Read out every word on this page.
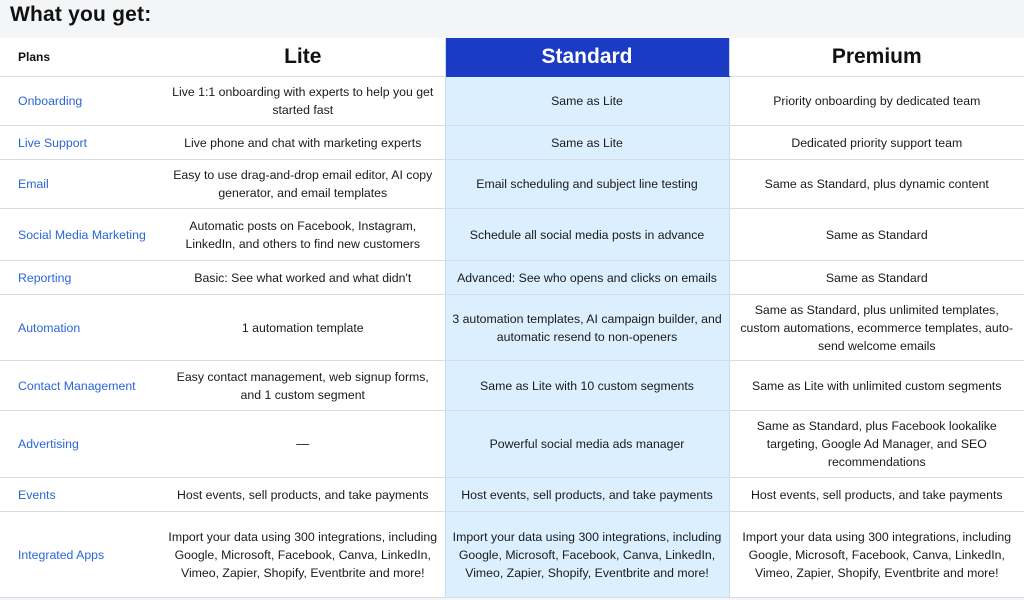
What you get:
Plans	Lite	Standard	Premium
Onboarding	Live 1:1 onboarding with experts to help you get started fast	Same as Lite	Priority onboarding by dedicated team
Live Support	Live phone and chat with marketing experts	Same as Lite	Dedicated priority support team
Email	Easy to use drag-and-drop email editor, AI copy generator, and email templates	Email scheduling and subject line testing	Same as Standard, plus dynamic content
Social Media Marketing	Automatic posts on Facebook, Instagram, LinkedIn, and others to find new customers	Schedule all social media posts in advance	Same as Standard
Reporting	Basic: See what worked and what didn't	Advanced: See who opens and clicks on emails	Same as Standard
Automation	1 automation template	3 automation templates, AI campaign builder, and automatic resend to non-openers	Same as Standard, plus unlimited templates, custom automations, ecommerce templates, auto-send welcome emails
Contact Management	Easy contact management, web signup forms, and 1 custom segment	Same as Lite with 10 custom segments	Same as Lite with unlimited custom segments
Advertising	—	Powerful social media ads manager	Same as Standard, plus Facebook lookalike targeting, Google Ad Manager, and SEO recommendations
Events	Host events, sell products, and take payments	Host events, sell products, and take payments	Host events, sell products, and take payments
Integrated Apps	Import your data using 300 integrations, including Google, Microsoft, Facebook, Canva, LinkedIn, Vimeo, Zapier, Shopify, Eventbrite and more!	Import your data using 300 integrations, including Google, Microsoft, Facebook, Canva, LinkedIn, Vimeo, Zapier, Shopify, Eventbrite and more!	Import your data using 300 integrations, including Google, Microsoft, Facebook, Canva, LinkedIn, Vimeo, Zapier, Shopify, Eventbrite and more!
